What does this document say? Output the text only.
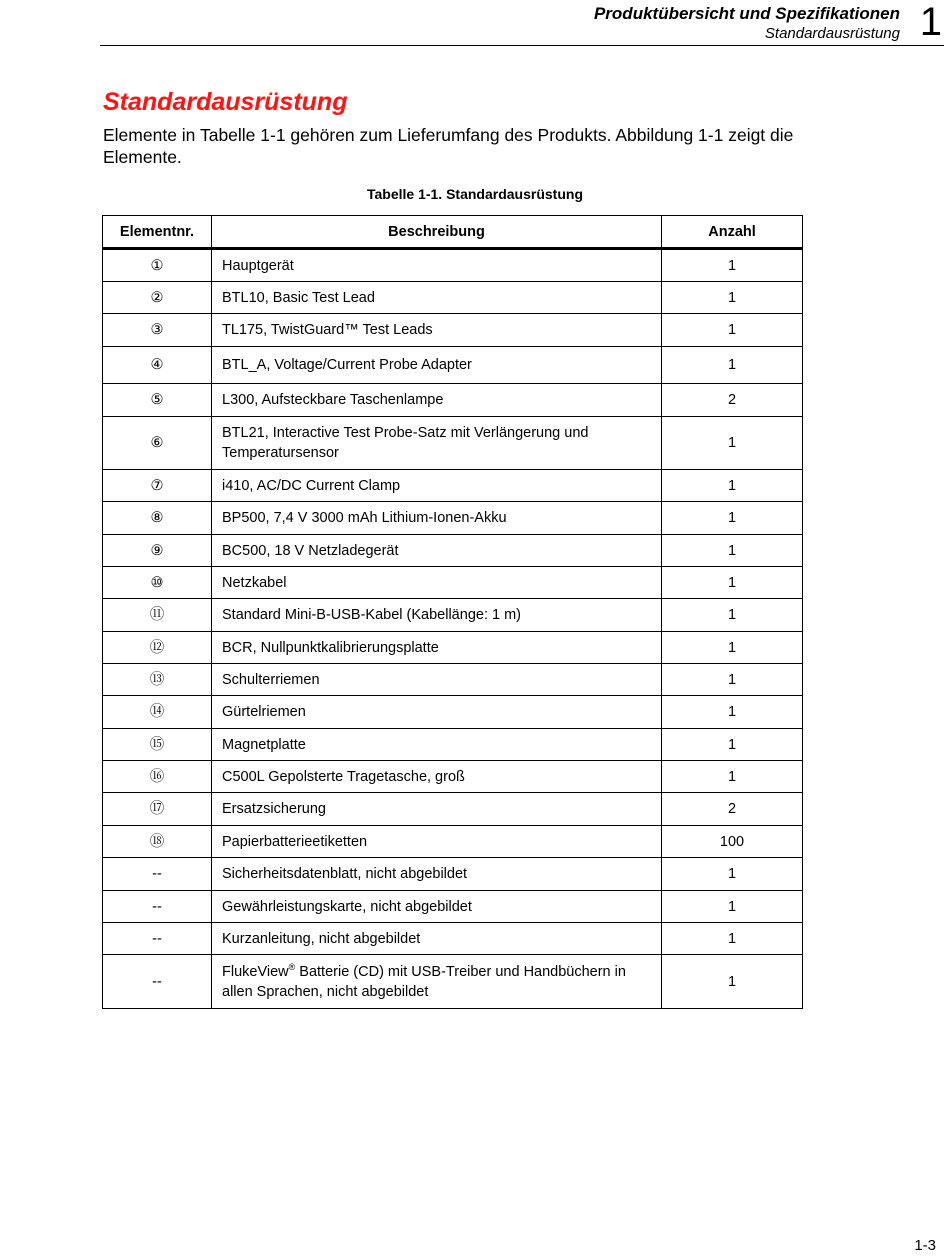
Produktübersicht und Spezifikationen
Standardausrüstung 1
Standardausrüstung

Elemente in Tabelle 1-1 gehören zum Lieferumfang des Produkts. Abbildung 1-1 zeigt die Elemente.

Tabelle 1-1. Standardausrüstung
Elementnr.	Beschreibung	Anzahl
①	Hauptgerät	1
②	BTL10, Basic Test Lead	1
③	TL175, TwistGuard™ Test Leads	1
④	BTL_A, Voltage/Current Probe Adapter	1
⑤	L300, Aufsteckbare Taschenlampe	2
⑥	BTL21, Interactive Test Probe-Satz mit Verlängerung und Temperatursensor	1
⑦	i410, AC/DC Current Clamp	1
⑧	BP500, 7,4 V 3000 mAh Lithium-Ionen-Akku	1
⑨	BC500, 18 V Netzladegerät	1
⑩	Netzkabel	1
⑪	Standard Mini-B-USB-Kabel (Kabellänge: 1 m)	1
⑫	BCR, Nullpunktkalibrierungsplatte	1
⑬	Schulterriemen	1
⑭	Gürtelriemen	1
⑮	Magnetplatte	1
⑯	C500L Gepolsterte Tragetasche, groß	1
⑰	Ersatzsicherung	2
⑱	Papierbatterieetiketten	100
--	Sicherheitsdatenblatt, nicht abgebildet	1
--	Gewährleistungskarte, nicht abgebildet	1
--	Kurzanleitung, nicht abgebildet	1
--	FlukeView® Batterie (CD) mit USB-Treiber und Handbüchern in allen Sprachen, nicht abgebildet	1
1-3
